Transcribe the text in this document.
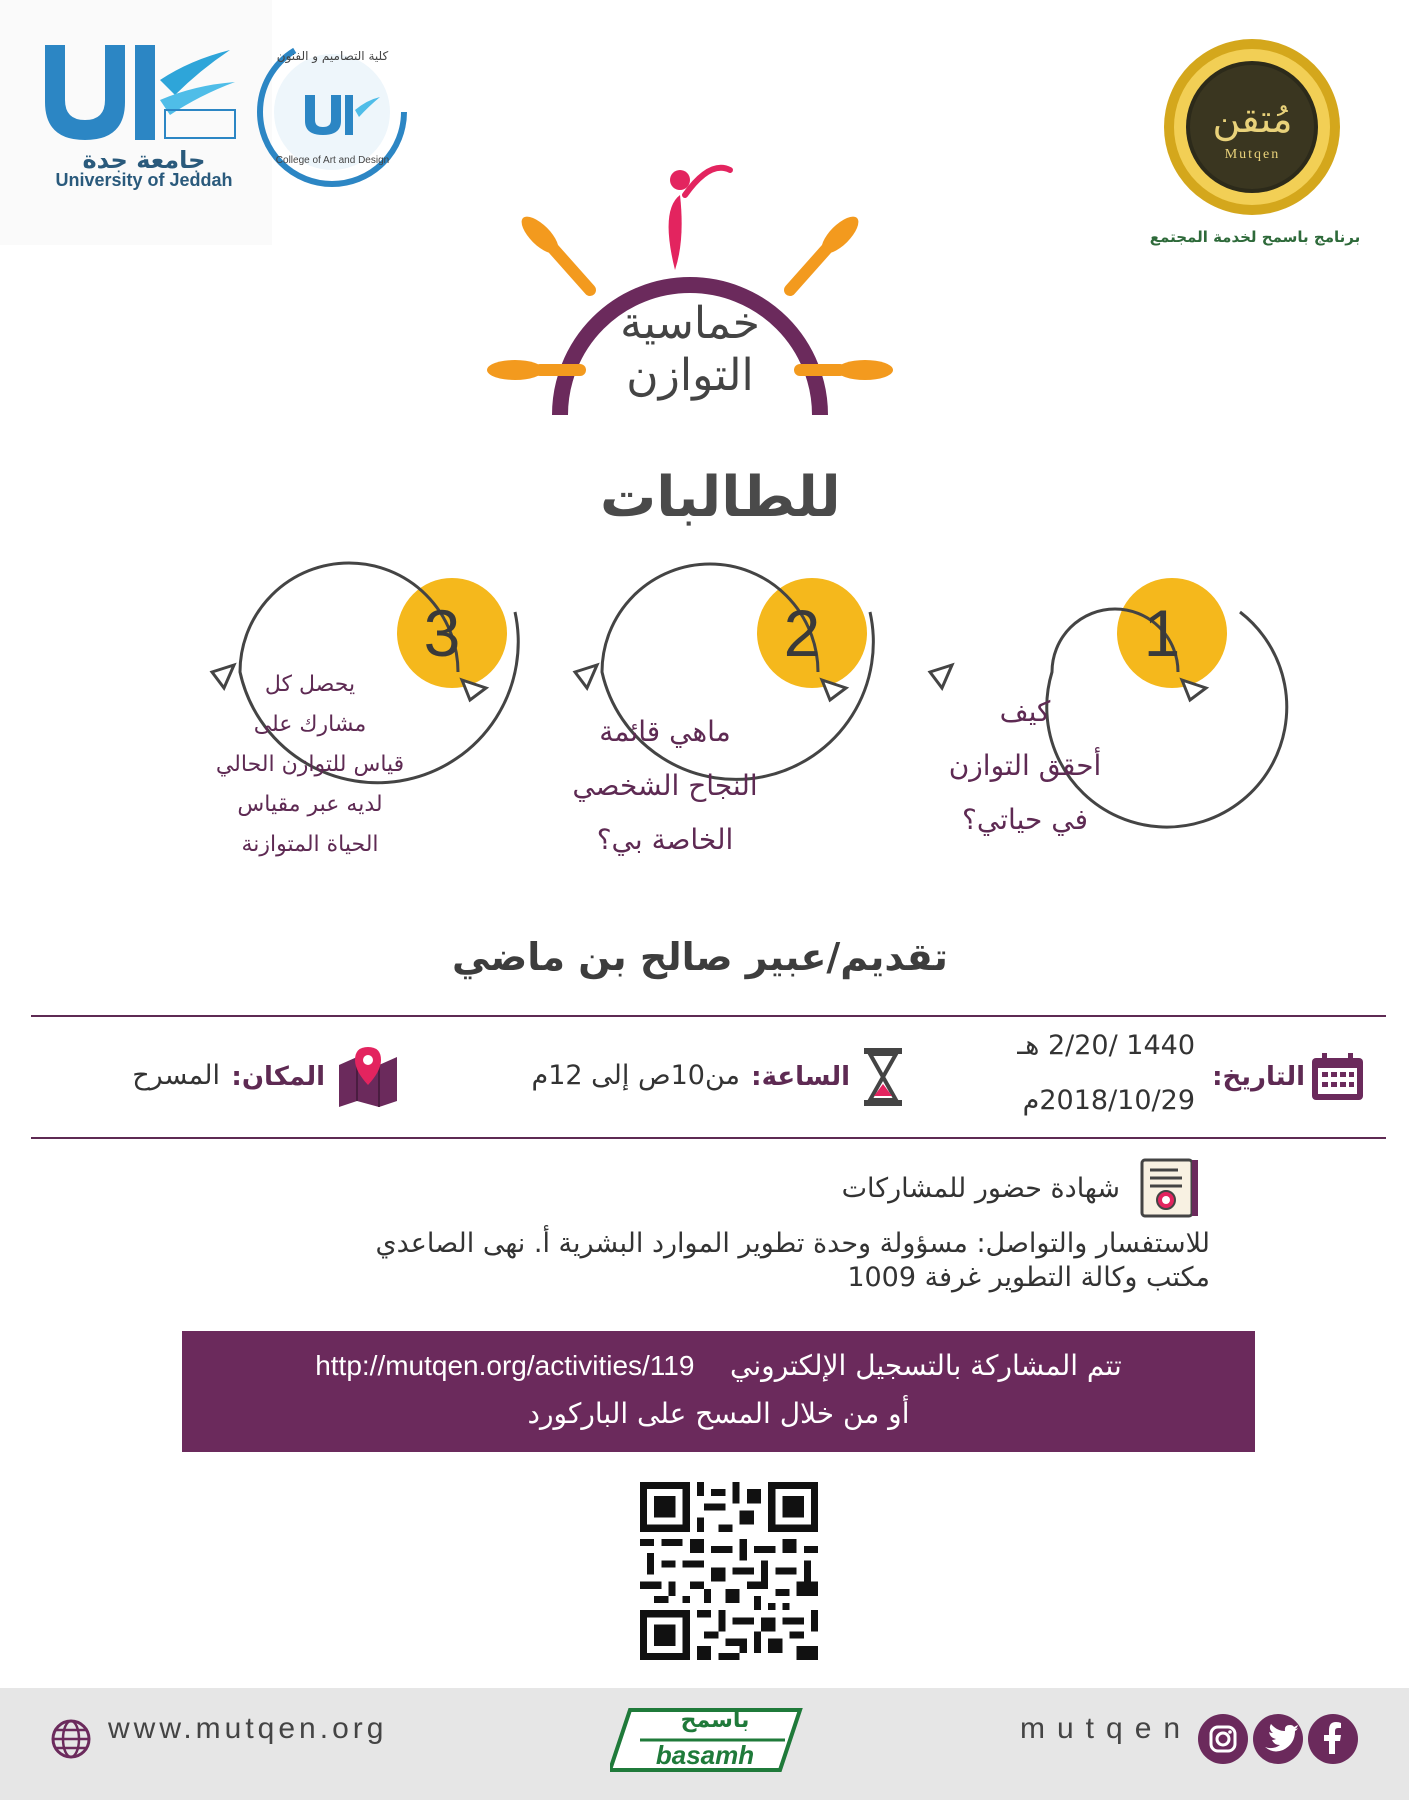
جامعة جدة
University of Jeddah
كلية التصاميم و الفنون
College of Art and Design
مُتقن
Mutqen
برنامج باسمح لخدمة المجتمع
خماسية
التوازن
للطالبات
1
2
3
كيف
أحقق التوازن
في حياتي؟
ماهي قائمة
النجاح الشخصي
الخاصة بي؟
يحصل كل
مشارك على
قياس للتوازن الحالي
لديه عبر مقياس
الحياة المتوازنة
تقديم/عبير صالح بن ماضي
التاريخ:
1440 /2/20 هـ
2018/10/29م
الساعة:
من10ص إلى 12م
المكان:
المسرح
شهادة حضور للمشاركات
للاستفسار والتواصل: مسؤولة وحدة تطوير الموارد البشرية أ. نهى الصاعدي
مكتب وكالة التطوير غرفة 1009
تتم المشاركة بالتسجيل الإلكتروني    http://mutqen.org/activities/119
أو من خلال المسح على الباركورد
www.mutqen.org	باسمح
basamh
mutqen
